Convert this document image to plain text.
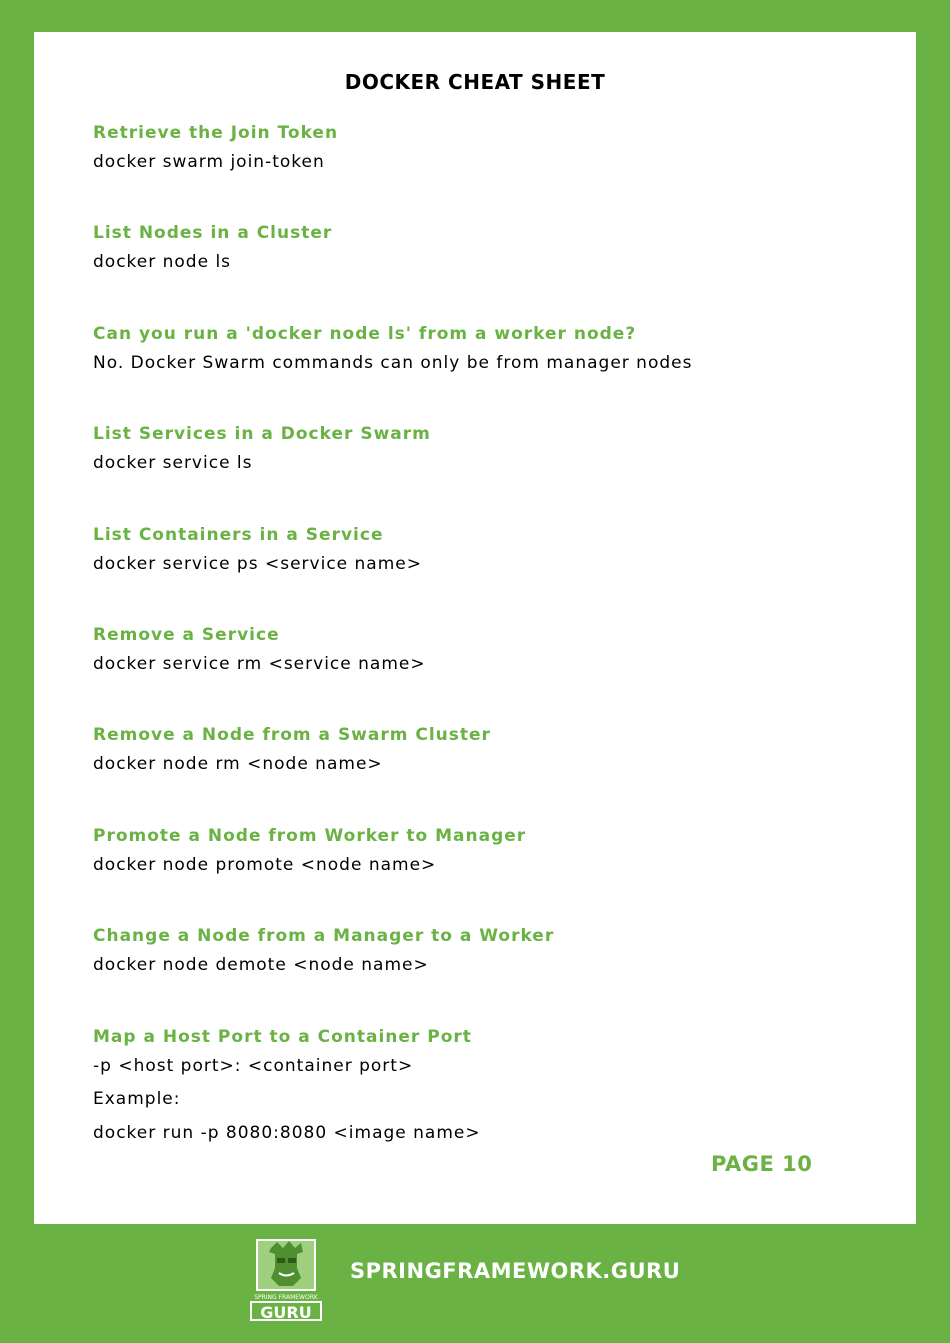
DOCKER CHEAT SHEET
Retrieve the Join Token
docker swarm join-token
List Nodes in a Cluster
docker node ls
Can you run a 'docker node ls' from a worker node?
No. Docker Swarm commands can only be from manager nodes
List Services in a Docker Swarm
docker service ls
List Containers in a Service
docker service ps <service name>
Remove a Service
docker service rm <service name>
Remove a Node from a Swarm Cluster
docker node rm <node name>
Promote a Node from Worker to Manager
docker node promote <node name>
Change a Node from a Manager to a Worker
docker node demote <node name>
Map a Host Port to a Container Port
-p <host port>: <container port>
Example:
docker run -p 8080:8080 <image name>
PAGE 10
SPRING FRAMEWORK
GURU
SPRINGFRAMEWORK.GURU
